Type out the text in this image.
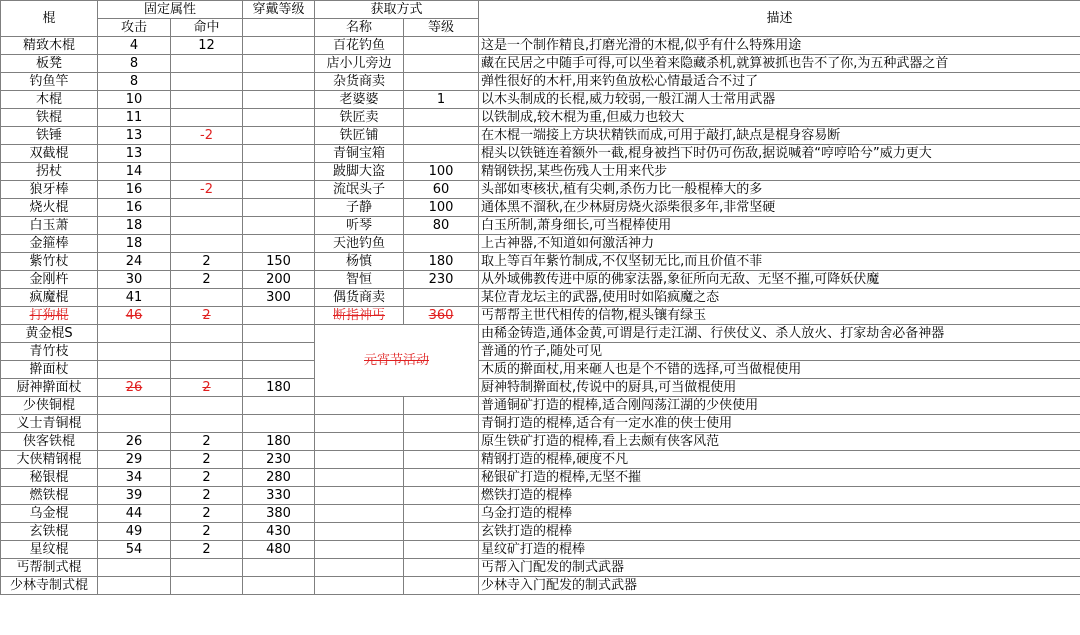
棍	固定属性		穿戴等级	获取方式		描述
	攻击	命中		名称	等级	
精致木棍	4	12		百花钓鱼		这是一个制作精良,打磨光滑的木棍,似乎有什么特殊用途
板凳	8			店小儿旁边		藏在民居之中随手可得,可以坐着来隐藏杀机,就算被抓也告不了你,为五种武器之首
钓鱼竿	8			杂货商卖		弹性很好的木杆,用来钓鱼放松心情最适合不过了
木棍	10			老婆婆	1	以木头制成的长棍,威力较弱,一般江湖人士常用武器
铁棍	11			铁匠卖		以铁制成,较木棍为重,但威力也较大
铁锤	13	-2		铁匠铺		在木棍一端接上方块状精铁而成,可用于敲打,缺点是棍身容易断
双截棍	13			青铜宝箱		棍头以铁链连着额外一截,棍身被挡下时仍可伤敌,据说喊着“哼哼哈兮”威力更大
拐杖	14			跛脚大盗	100	精钢铁拐,某些伤残人士用来代步
狼牙棒	16	-2		流氓头子	60	头部如枣核状,植有尖刺,杀伤力比一般棍棒大的多
烧火棍	16			子静	100	通体黑不溜秋,在少林厨房烧火添柴很多年,非常坚硬
白玉萧	18			听琴	80	白玉所制,萧身细长,可当棍棒使用
金箍棒	18			天池钓鱼		上古神器,不知道如何激活神力
紫竹杖	24	2	150	杨慎	180	取上等百年紫竹制成,不仅坚韧无比,而且价值不菲
金刚杵	30	2	200	智恒	230	从外域佛教传进中原的佛家法器,象征所向无敌、无坚不摧,可降妖伏魔
疯魔棍	41		300	偶货商卖		某位青龙坛主的武器,使用时如陷疯魔之态
打狗棍	46	2		断指神丐	360	丐帮帮主世代相传的信物,棍头镶有绿玉
黄金棍S				元宵节活动		由稀金铸造,通体金黄,可谓是行走江湖、行侠仗义、杀人放火、打家劫舍必备神器
青竹枝						普通的竹子,随处可见
擀面杖						木质的擀面杖,用来砸人也是个不错的选择,可当做棍使用
厨神擀面杖	26	2	180			厨神特制擀面杖,传说中的厨具,可当做棍使用
少侠铜棍						普通铜矿打造的棍棒,适合刚闯荡江湖的少侠使用
义士青铜棍						青铜打造的棍棒,适合有一定水准的侠士使用
侠客铁棍	26	2	180			原生铁矿打造的棍棒,看上去颇有侠客风范
大侠精钢棍	29	2	230			精钢打造的棍棒,硬度不凡
秘银棍	34	2	280			秘银矿打造的棍棒,无坚不摧
燃铁棍	39	2	330			燃铁打造的棍棒
乌金棍	44	2	380			乌金打造的棍棒
玄铁棍	49	2	430			玄铁打造的棍棒
星纹棍	54	2	480			星纹矿打造的棍棒
丐帮制式棍						丐帮入门配发的制式武器
少林寺制式棍						少林寺入门配发的制式武器
